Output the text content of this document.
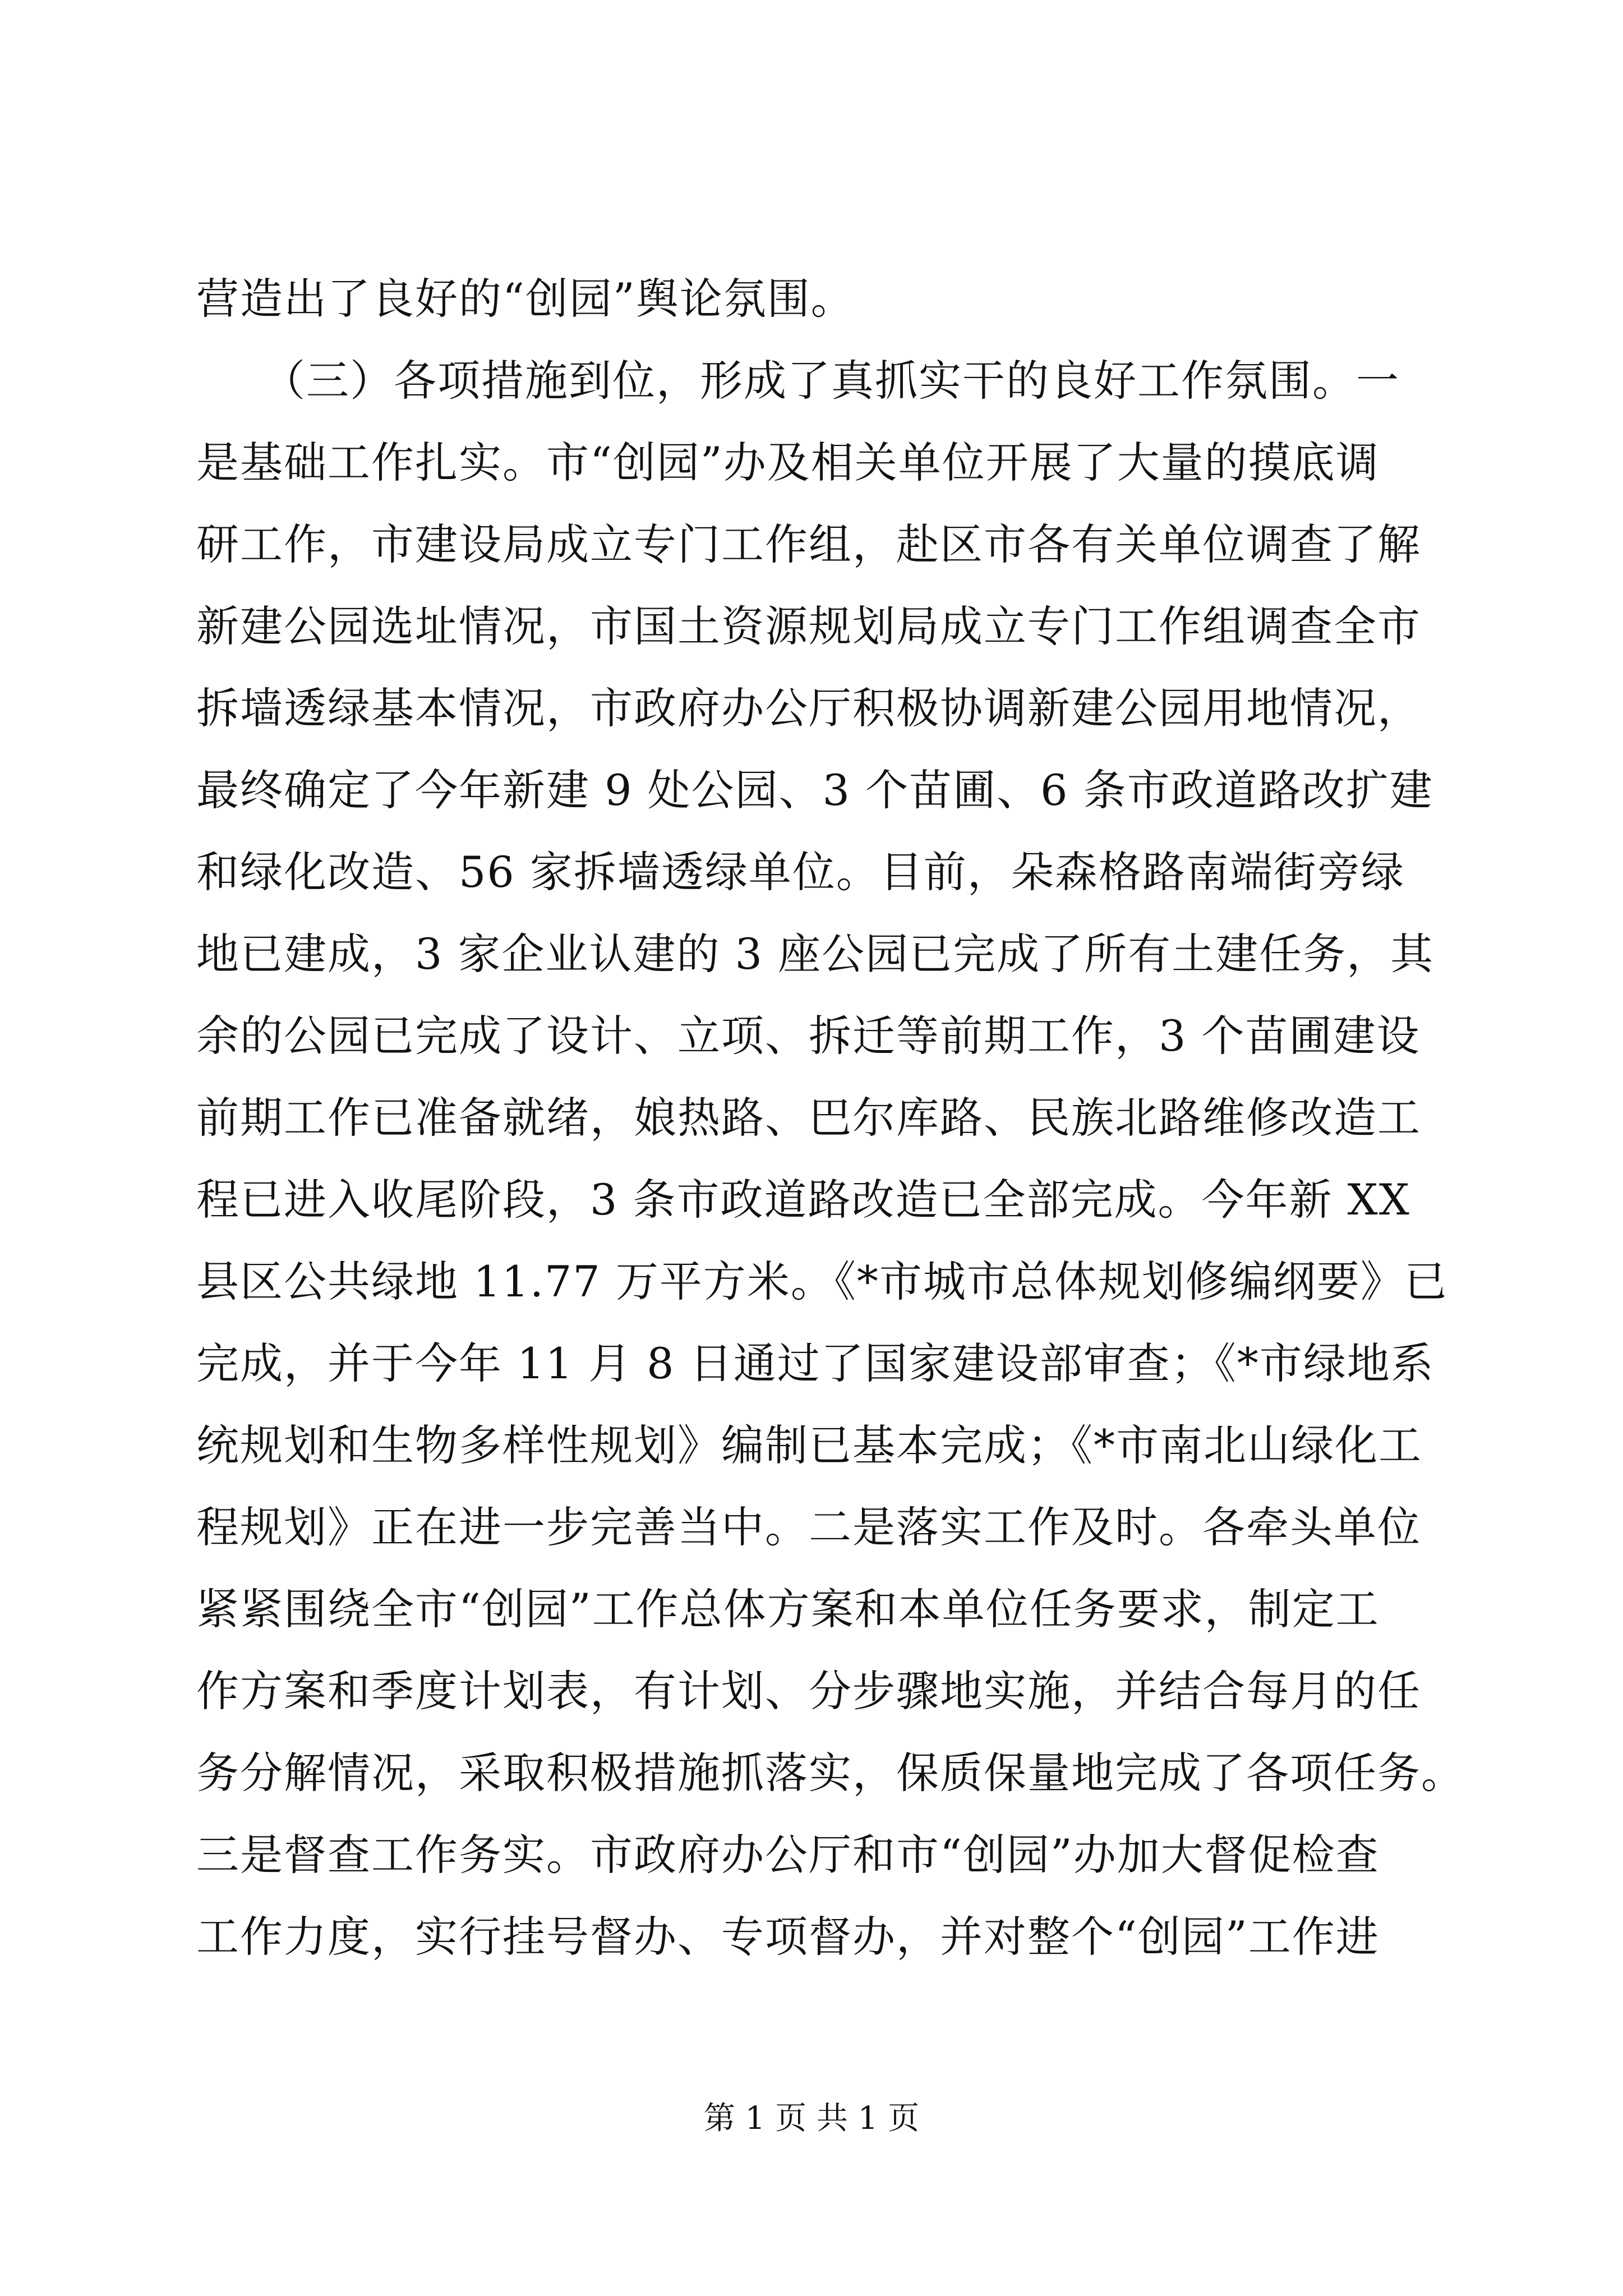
营造出了良好的“创园”舆论氛围。
　　（三）各项措施到位，形成了真抓实干的良好工作氛围。一
是基础工作扎实。市“创园”办及相关单位开展了大量的摸底调
研工作，市建设局成立专门工作组，赴区市各有关单位调查了解
新建公园选址情况，市国土资源规划局成立专门工作组调查全市
拆墙透绿基本情况，市政府办公厅积极协调新建公园用地情况，
最终确定了今年新建 9 处公园、3 个苗圃、6 条市政道路改扩建
和绿化改造、56 家拆墙透绿单位。目前，朵森格路南端街旁绿
地已建成，3 家企业认建的 3 座公园已完成了所有土建任务，其
余的公园已完成了设计、立项、拆迁等前期工作，3 个苗圃建设
前期工作已准备就绪，娘热路、巴尔库路、民族北路维修改造工
程已进入收尾阶段，3 条市政道路改造已全部完成。今年新 XX
县区公共绿地 11.77 万平方米。《*市城市总体规划修编纲要》已
完成，并于今年 11 月 8 日通过了国家建设部审查；《*市绿地系
统规划和生物多样性规划》编制已基本完成；《*市南北山绿化工
程规划》正在进一步完善当中。二是落实工作及时。各牵头单位
紧紧围绕全市“创园”工作总体方案和本单位任务要求，制定工
作方案和季度计划表，有计划、分步骤地实施，并结合每月的任
务分解情况，采取积极措施抓落实，保质保量地完成了各项任务。
三是督查工作务实。市政府办公厅和市“创园”办加大督促检查
工作力度，实行挂号督办、专项督办，并对整个“创园”工作进
第 1 页 共 1 页
